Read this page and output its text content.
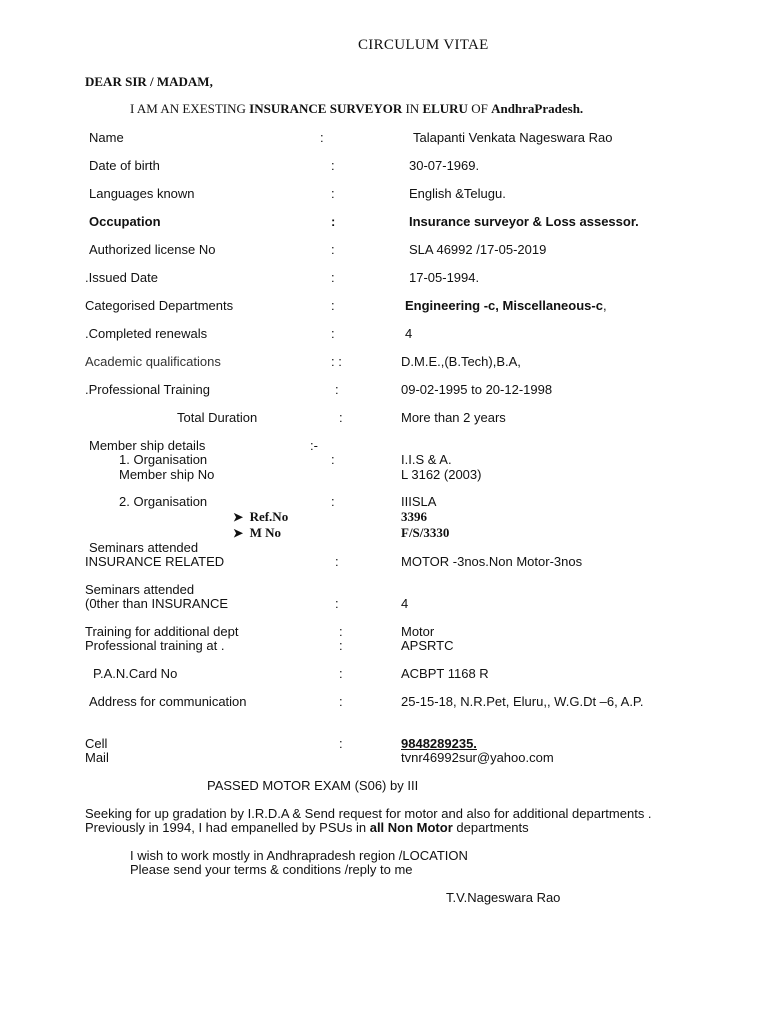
CIRCULUM VITAE
DEAR SIR / MADAM,
I AM AN EXESTING INSURANCE SURVEYOR IN ELURU OF AndhraPradesh.
Name	:	Talapanti Venkata Nageswara Rao
Date of birth	:	30-07-1969.
Languages known	:	English &Telugu.
Occupation	:	Insurance surveyor & Loss assessor.
Authorized license No	:	SLA 46992 /17-05-2019
.Issued Date	:	17-05-1994.
Categorised Departments	:	Engineering -c, Miscellaneous-c,
.Completed renewals	:	4
Academic qualifications	: :	D.M.E.,(B.Tech),B.A,
.Professional Training	:	09-02-1995 to 20-12-1998
Total Duration	:	More than 2 years
Member ship details	:-
1. Organisation	:	I.I.S & A.
Member ship No	L 3162 (2003)
2. Organisation	:	IIISLA
➤ Ref.No	3396
➤ M No	F/S/3330
Seminars attended
INSURANCE RELATED	:	MOTOR -3nos.Non Motor-3nos
Seminars attended
(0ther than INSURANCE	:	4
Training for additional dept	:	Motor
Professional training at .	:	APSRTC
P.A.N.Card No	:	ACBPT 1168 R
Address for communication	:	25-15-18, N.R.Pet, Eluru,, W.G.Dt –6, A.P.
Cell	:	9848289235.
Mail	tvnr46992sur@yahoo.com
PASSED MOTOR EXAM (S06) by III
Seeking for up gradation by I.R.D.A & Send request for motor and also for additional departments .
Previously in 1994, I had empanelled by PSUs in all Non Motor departments
I wish to work mostly in Andhrapradesh region /LOCATION
Please send your terms & conditions /reply to me
T.V.Nageswara Rao
